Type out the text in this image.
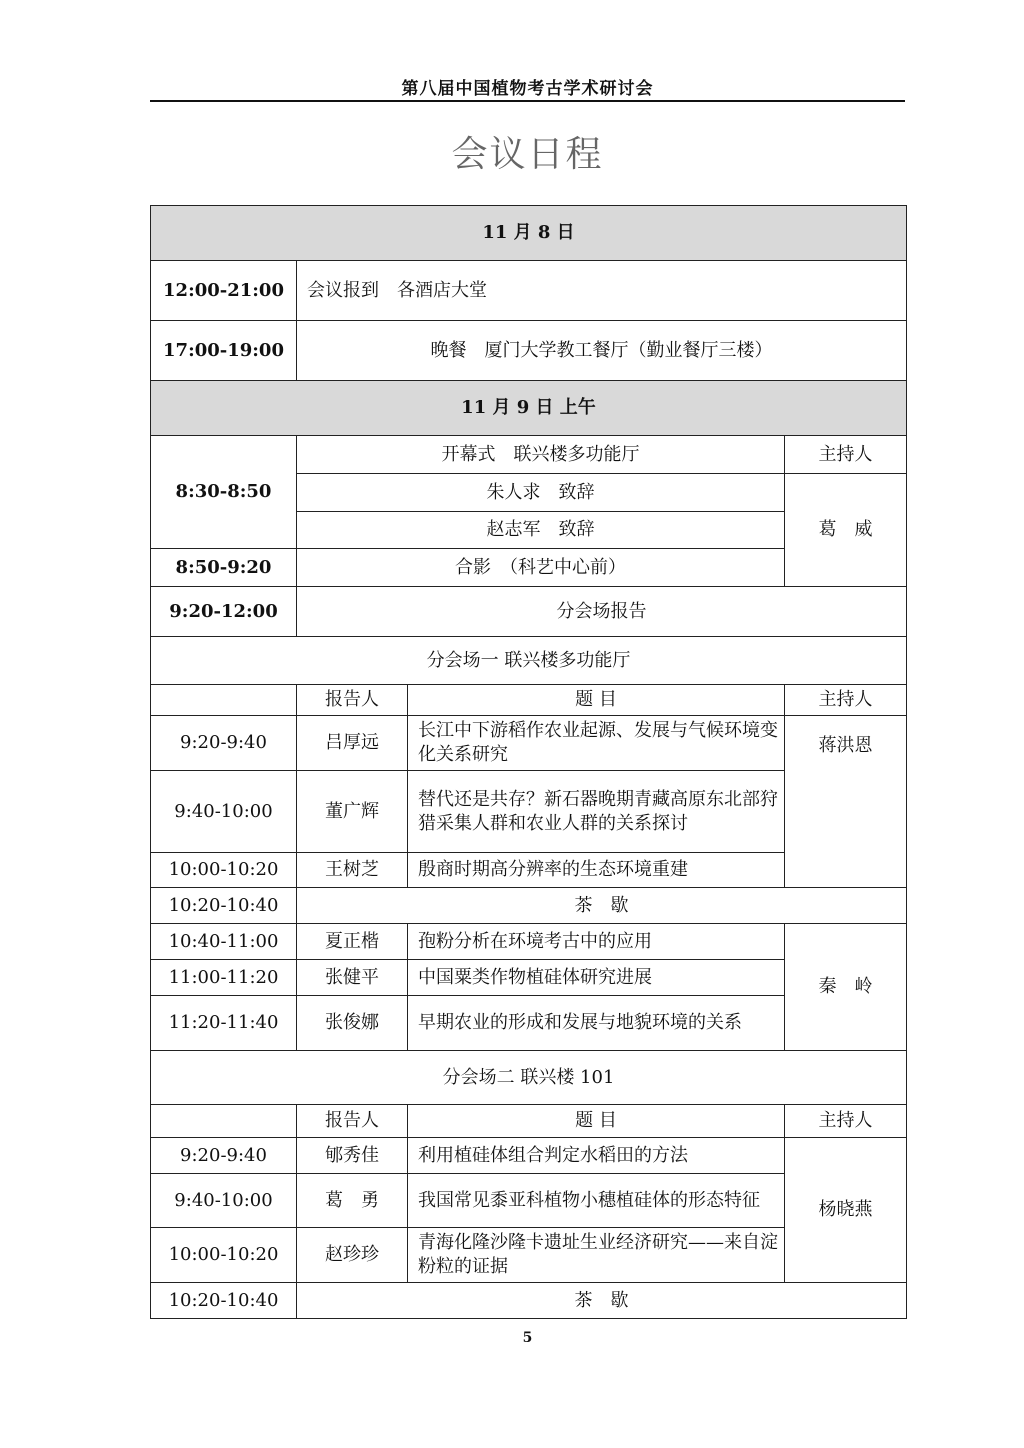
第八届中国植物考古学术研讨会
会议日程
11 月 8 日			
12:00-21:00	会议报到　各酒店大堂		
17:00-19:00	晚餐　厦门大学教工餐厅（勤业餐厅三楼）		
11 月 9 日 上午			
8:30-8:50	开幕式　联兴楼多功能厅		主持人
	朱人求　致辞		葛　威
	赵志军　致辞		
8:50-9:20	合影　（科艺中心前）		
9:20-12:00	分会场报告		
分会场一 联兴楼多功能厅			
	报告人	题 目	主持人
9:20-9:40	吕厚远	长江中下游稻作农业起源、发展与气候环境变化关系研究	蒋洪恩
9:40-10:00	董广辉	替代还是共存？新石器晚期青藏高原东北部狩猎采集人群和农业人群的关系探讨	
10:00-10:20	王树芝	殷商时期高分辨率的生态环境重建	
10:20-10:40	茶　歇		
10:40-11:00	夏正楷	孢粉分析在环境考古中的应用	秦　岭
11:00-11:20	张健平	中国粟类作物植硅体研究进展	
11:20-11:40	张俊娜	早期农业的形成和发展与地貌环境的关系	
分会场二 联兴楼 101			
	报告人	题 目	主持人
9:20-9:40	郇秀佳	利用植硅体组合判定水稻田的方法	杨晓燕
9:40-10:00	葛　勇	我国常见黍亚科植物小穗植硅体的形态特征	
10:00-10:20	赵珍珍	青海化隆沙隆卡遗址生业经济研究——来自淀粉粒的证据	
10:20-10:40	茶　歇		
5
